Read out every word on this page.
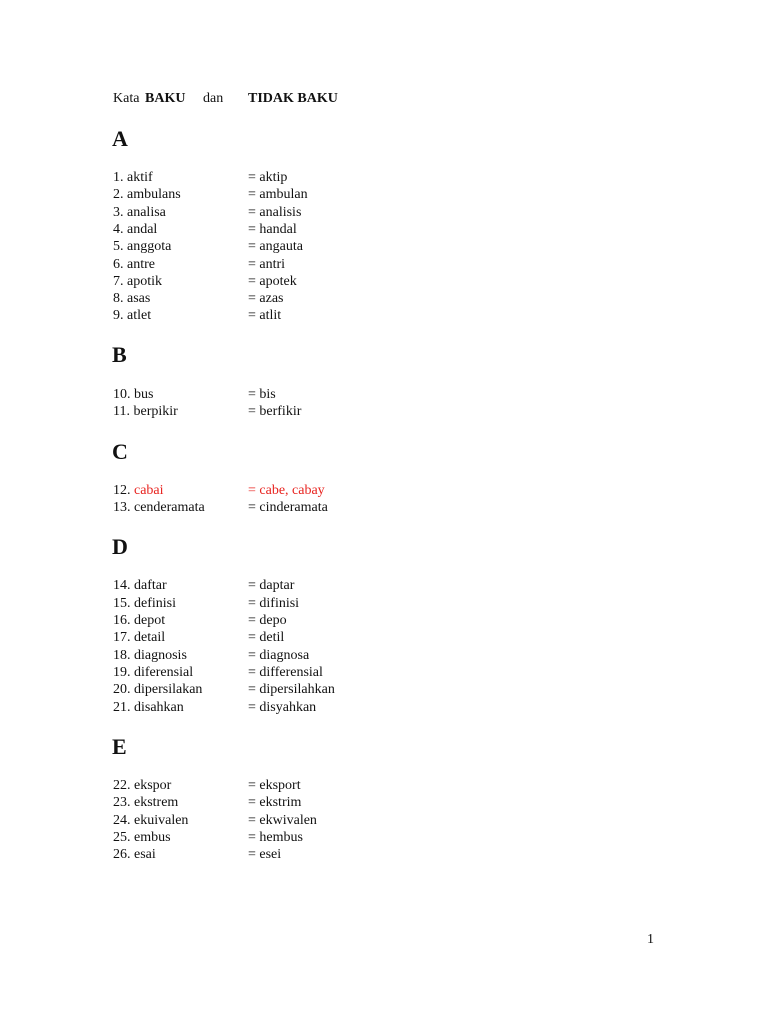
Kata BAKU dan TIDAK BAKU
A
1. aktif	= aktip
2. ambulans	= ambulan
3. analisa	= analisis
4. andal	= handal
5. anggota	= angauta
6. antre	= antri
7. apotik	= apotek
8. asas	= azas
9. atlet	= atlit
B
10. bus	= bis
11. berpikir	= berfikir
C
12. cabai	= cabe, cabay
13. cenderamata	= cinderamata
D
14. daftar	= daptar
15. definisi	= difinisi
16. depot	= depo
17. detail	= detil
18. diagnosis	= diagnosa
19. diferensial	= differensial
20. dipersilakan	= dipersilahkan
21. disahkan	= disyahkan
E
22. ekspor	= eksport
23. ekstrem	= ekstrim
24. ekuivalen	= ekwivalen
25. embus	= hembus
26. esai	= esei
1
